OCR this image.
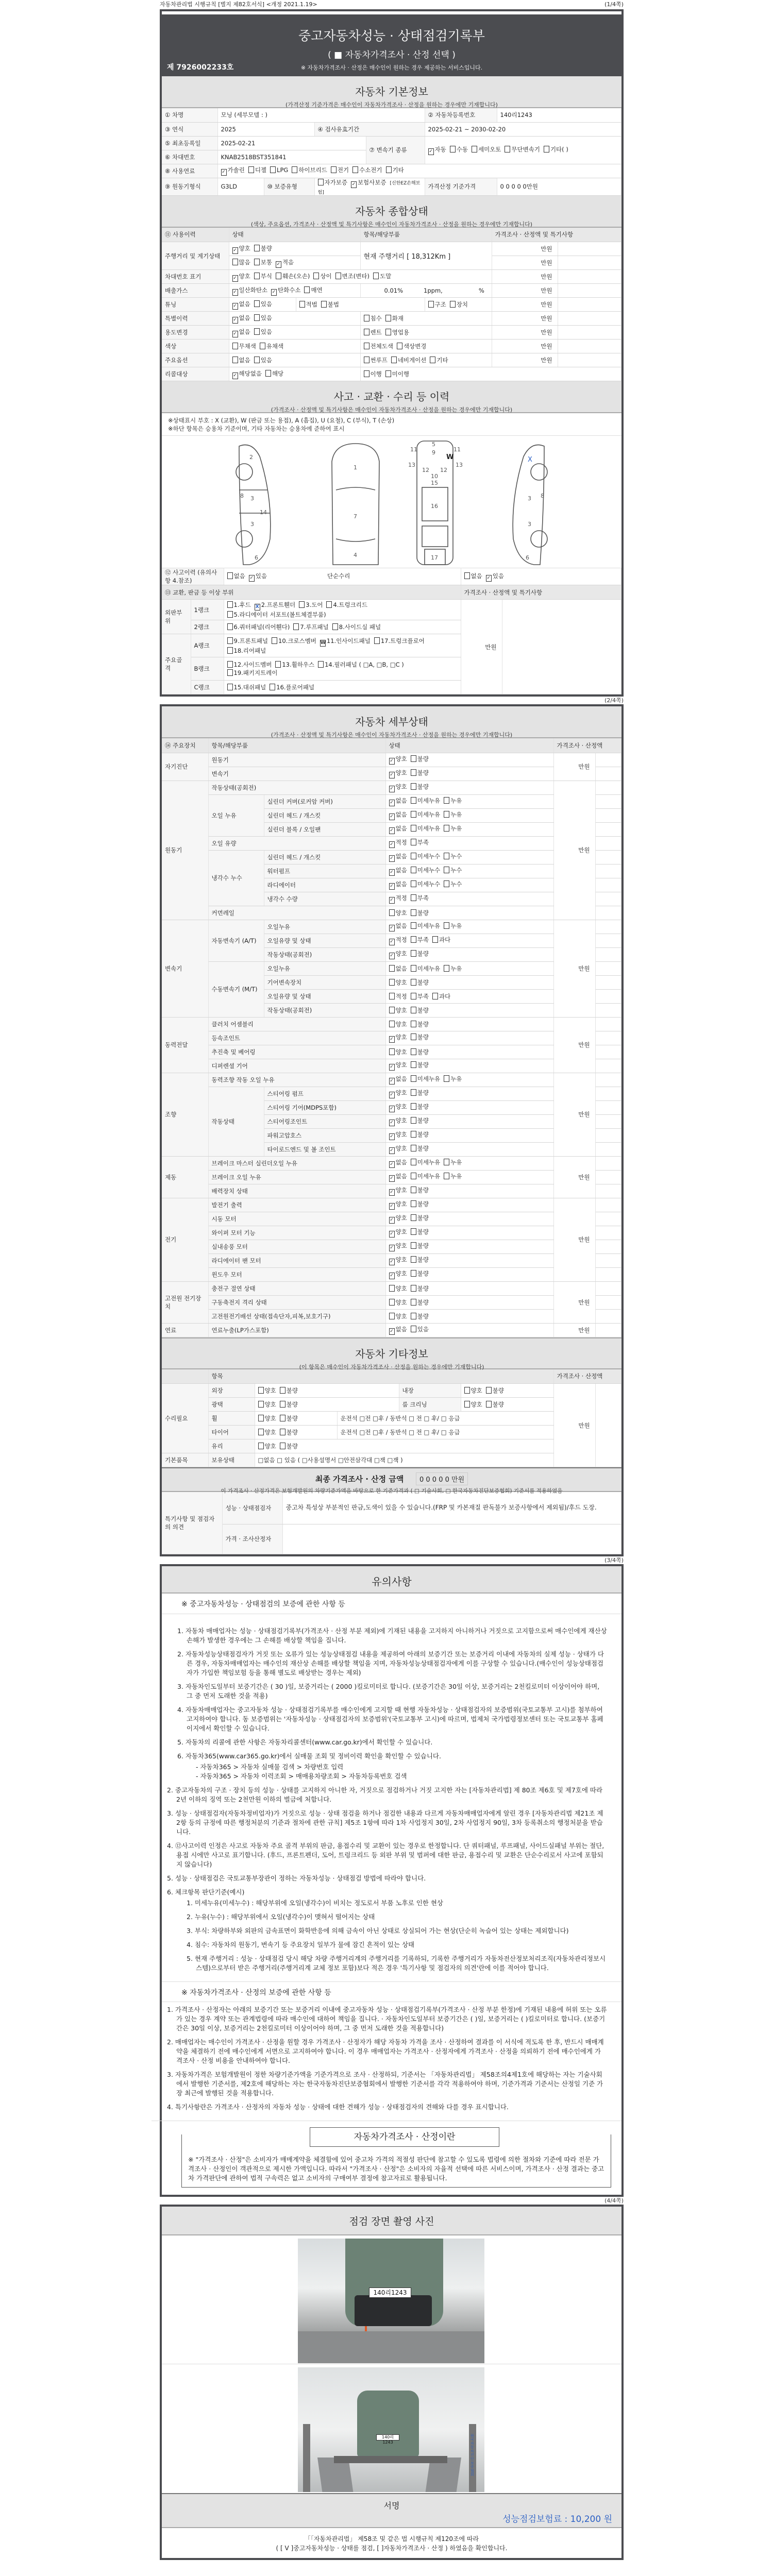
자동차관리법 시행규칙 [별지 제82호서식] <개정 2021.1.19>	(1/4쪽)
중고자동차성능 · 상태점검기록부
( ■ 자동차가격조사 · 산정 선택 )
※ 자동차가격조사 · 산정은 매수인이 원하는 경우 제공하는 서비스입니다.
제 7926002233호
자동차 기본정보

(가격산정 기준가격은 매수인이 자동차가격조사 · 산정을 원하는 경우에만 기재합니다)

① 차명	모닝 (세부모델 : )				② 자동차등록번호	140리1243
③ 연식	2025		④ 검사유효기간		2025-02-21 ~ 2030-02-20	
⑤ 최초등록일	2025-02-21			⑦ 변속기 종류	✓ 자동 수동 세미오토 무단변속기 기타( )	
⑥ 차대번호	KNAB2518BST351841					
⑧ 사용연료	✓ 가솔린 디젤 LPG 하이브리드 전기 수소전기 기타					
⑨ 원동기형식	G3LD	⑩ 보증유형	자가보증 ✓ 보험사보증 [신한EZ손해보험]		가격산정 기준가격	0 0 0 0 0만원
자동차 종합상태

(색상, 주요옵션, 가격조사 · 산정액 및 특기사항은 매수인이 자동차가격조사 · 산정을 원하는 경우에만 기재합니다)

⑪ 사용이력	상태		항목/해당부품		가격조사 · 산정액 및 특기사항	
주행거리 및 계기상태	✓ 양호 불량		현재 주행거리 [ 18,312Km ]		만원	
	많음 보통 ✓ 적음				만원	
차대번호 표기	✓ 양호 부식 훼손(오손) 상이 변조(변타) 도말				만원	
배출가스	✓ 일산화탄소 ✓ 탄화수소 매연		0.01% 1ppm, %		만원	
튜닝	✓ 없음 있음	적법 불법		구조 장치	만원	
특별이력	✓ 없음 있음		침수 화재		만원	
용도변경	✓ 없음 있음		렌트 영업용		만원	
색상	무채색 유채색		전체도색 색상변경		만원	
주요옵션	없음 있음		썬루프 네비게이션 기타		만원	
리콜대상	✓ 해당없음 해당		이행 미이행			
사고 · 교환 · 수리 등 이력

(가격조사 · 산정액 및 특기사항은 매수인이 자동차가격조사 · 산정을 원하는 경우에만 기재합니다)

※상태표시 부호 : X (교환), W (판금 또는 용접), A (흠집), U (요철), C (부식), T (손상)
※하단 항목은 승용차 기준이며, 기타 자동차는 승용차에 준하여 표시
2
3
3
6
14
8
1
7
4
5
9
11	11
15
16
17
10
13	13
12 12
3
3
6
8
X
W
⑫ 사고이력 (유의사항 4.참조)		없음 ✓ 있음 단순수리	없음 ✓ 있음	
⑬ 교환, 판금 등 이상 부위			가격조사 · 산정액 및 특기사항	
외판부위	1랭크	1.후드 X 2.프론트휀더 3.도어 4.트렁크리드5.라디에이터 서포트(볼트체결부품)	만원	
	2랭크	6.쿼터패널(리어휀다) 7.루프패널 8.사이드실 패널		
주요골격	A랭크	9.프론트패널 10.크로스멤버 W 11.인사이드패널 17.트렁크플로어18.리어패널		
	B랭크	12.사이드멤버 13.휠하우스 14.필러패널 ( □A, □B, □C )19.패키지트레이		
	C랭크	15.대쉬패널 16.플로어패널		
(2/4쪽)
자동차 세부상태

(가격조사 · 산정액 및 특기사항은 매수인이 자동차가격조사 · 산정을 원하는 경우에만 기재합니다)

⑭ 주요장치	항목/해당부품		상태	가격조사 · 산정액	
자기진단	원동기		✓ 양호 불량	만원	
	변속기		✓ 양호 불량		
원동기	작동상태(공회전)		✓ 양호 불량	만원	
	오일 누유	실린더 커버(로커암 커버)	✓ 없음 미세누유 누유		
		실린더 헤드 / 개스킷	✓ 없음 미세누유 누유		
		실린더 블록 / 오일팬	✓ 없음 미세누유 누유		
	오일 유량		✓ 적정 부족		
	냉각수 누수	실린더 헤드 / 개스킷	✓ 없음 미세누수 누수		
		워터펌프	✓ 없음 미세누수 누수		
		라디에이터	✓ 없음 미세누수 누수		
		냉각수 수량	✓ 적정 부족		
	커먼레일		양호 불량		
변속기	자동변속기 (A/T)	오일누유	✓ 없음 미세누유 누유	만원	
		오일유량 및 상태	✓ 적정 부족 과다		
		작동상태(공회전)	✓ 양호 불량		
	수동변속기 (M/T)	오일누유	없음 미세누유 누유		
		기어변속장치	양호 불량		
		오일유량 및 상태	적정 부족 과다		
		작동상태(공회전)	양호 불량		
동력전달	클러치 어셈블리		양호 불량	만원	
	등속조인트		✓ 양호 불량		
	추진축 및 베어링		양호 불량		
	디퍼렌셜 기어		✓ 양호 불량		
조향	동력조향 작동 오일 누유		✓ 없음 미세누유 누유	만원	
	작동상태	스티어링 펌프	✓ 양호 불량		
		스티어링 기어(MDPS포함)	✓ 양호 불량		
		스티어링조인트	✓ 양호 불량		
		파워고압호스	✓ 양호 불량		
		타이로드엔드 및 볼 조인트	✓ 양호 불량		
제동	브레이크 마스터 실린더오일 누유		✓ 없음 미세누유 누유	만원	
	브레이크 오일 누유		✓ 없음 미세누유 누유		
	배력장치 상태		✓ 양호 불량		
전기	발전기 출력		✓ 양호 불량	만원	
	시동 모터		✓ 양호 불량		
	와이퍼 모터 기능		✓ 양호 불량		
	실내송풍 모터		✓ 양호 불량		
	라디에이터 팬 모터		✓ 양호 불량		
	윈도우 모터		✓ 양호 불량		
고전원 전기장치	충전구 절연 상태		양호 불량	만원	
	구동축전지 격리 상태		양호 불량		
	고전원전기배선 상태(접속단자,피복,보호기구)		양호 불량		
연료	연료누출(LP가스포함)		✓ 없음 있음	만원	
자동차 기타정보

(이 항목은 매수인이 자동차가격조사 · 산정을 원하는 경우에만 기재합니다)

	항목					가격조사 · 산정액	
수리필요	외장	양호 불량		내장	양호 불량	만원	
	광택	양호 불량		룸 크리닝	양호 불량		
	휠	양호 불량	운전석 □전 □후 / 동반석 □ 전 □ 후/ □ 응급				
	타이어	양호 불량	운전석 □전 □후 / 동반석 □ 전 □ 후/ □ 응급				
	유리	양호 불량					
기본품목	보유상태	□없음 □ 있음 ( □사용설명서 □안전삼각대 □잭 □잭 )					
최종 가격조사 · 산정 금액 0 0 0 0 0 만원

이 가격조사 · 산정가격은 보험개발원의 차량기준가액을 바탕으로 한 기준가격과 ( □ 기술사회, □ 한국자동차진단보증협회) 기준서를 적용하였음

특기사항 및 점검자의 의견	성능 · 상태점검자	중고차 특성상 부분적인 판금,도색이 있을 수 있습니다.(FRP 및 카본재질 판독불가 보증사항에서 제외됨)/후드 도장.
	가격 · 조사산정자	
(3/4쪽)
유의사항
※ 중고자동차성능 · 상태점검의 보증에 관한 사항 등
1. 자동차 매매업자는 성능 · 상태점검기록부(가격조사 · 산정 부분 제외)에 기재된 내용을 고지하지 아니하거나 거짓으로 고지함으로써 매수인에게 재산상 손해가 발생한 경우에는 그 손해를 배상할 책임을 집니다.
2. 자동차성능상태점검자가 거짓 또는 오류가 있는 성능상태점검 내용을 제공하여 아래의 보증기간 또는 보증거리 이내에 자동차의 실제 성능 · 상태가 다른 경우, 자동차매매업자는 매수인의 재산상 손해를 배상할 책임을 지며, 자동차성능상태점검자에게 이를 구상할 수 있습니다.(매수인이 성능상태점검자가 가입한 책임보험 등을 통해 별도로 배상받는 경우는 제외)
3. 자동차인도일부터 보증기간은 ( 30 )일, 보증거리는 ( 2000 )킬로미터로 합니다. (보증기간은 30일 이상, 보증거리는 2천킬로미터 이상이어야 하며, 그 중 먼저 도래한 것을 적용)
4. 자동차매매업자는 중고자동차 성능 · 상태점검기록부를 매수인에게 고지할 때 현행 자동차성능 · 상태점검자의 보증범위(국토교통부 고시)를 첨부하여 고지하여야 합니다. 동 보증범위는 '자동차성능 · 상태점검자의 보증범위'(국토교통부 고시)에 따르며, 법제처 국가법령정보센터 또는 국토교통부 홈페이지에서 확인할 수 있습니다.
5. 자동차의 리콜에 관한 사항은 자동차리콜센터(www.car.go.kr)에서 확인할 수 있습니다.
6. 자동차365(www.car365.go.kr)에서 실매물 조회 및 정비이력 확인을 확인할 수 있습니다.
- 자동차365 > 자동차 실매물 검색 > 차량번호 입력
- 자동차365 > 자동차 이력조회 > 매매용차량조회 > 자동차등록번호 검색
2. 중고자동차의 구조 · 장치 등의 성능 · 상태를 고지하지 아니한 자, 거짓으로 점검하거나 거짓 고지한 자는 [자동차관리법] 제 80조 제6호 및 제7호에 따라 2년 이하의 징역 또는 2천만원 이하의 벌금에 처합니다.
3. 성능 · 상태점검자(자동차정비업자)가 거짓으로 성능 · 상태 점검을 하거나 점검한 내용과 다르게 자동차매매업자에게 알린 경우 [자동차관리법 제21조 제2항 등의 규정에 따른 행정처분의 기준과 절차에 관한 규칙] 제5조 1항에 따라 1차 사업정지 30일, 2차 사업정지 90일, 3차 등록취소의 행정처분을 받습니다.
4. ⑫사고이력 인정은 사고로 자동차 주요 골격 부위의 판금, 용접수리 및 교환이 있는 경우로 한정합니다. 단 쿼터패널, 루프패널, 사이드실패널 부위는 절단, 용접 시에만 사고로 표기합니다. (후드, 프론트펜더, 도어, 트렁크리드 등 외판 부위 및 범퍼에 대한 판금, 용접수리 및 교환은 단순수리로서 사고에 포함되지 않습니다)
5. 성능 · 상태점검은 국토교통부장관이 정하는 자동차성능 · 상태점검 방법에 따라야 합니다.
6. 체크항목 판단기준(예시)
1. 미세누유(미세누수) : 해당부위에 오일(냉각수)이 비치는 정도로서 부품 노후로 인한 현상
2. 누유(누수) : 해당부위에서 오일(냉각수)이 맺혀서 떨어지는 상태
3. 부식: 차량하부와 외판의 금속표면이 화학반응에 의해 금속이 아닌 상태로 상실되어 가는 현상(단순히 녹슬어 있는 상태는 제외합니다)
4. 침수: 자동차의 원동기, 변속기 등 주요장치 일부가 물에 잠긴 흔적이 있는 상태
5. 현재 주행거리 : 성능 · 상태점검 당시 해당 차량 주행거리계의 주행거리를 기록하되, 기록한 주행거리가 자동차전산정보처리조직(자동차관리정보시스템)으로부터 받은 주행거리(주행거리계 교체 정보 포함)보다 적은 경우 '특기사항 및 점검자의 의견'란에 이를 적어야 합니다.
※ 자동차가격조사 · 산정의 보증에 관한 사항 등
1. 가격조사 · 산정자는 아래의 보증기간 또는 보증거리 이내에 중고자동차 성능 · 상태점검기록부(가격조사 · 산정 부분 한정)에 기재된 내용에 허위 또는 오류가 있는 경우 계약 또는 관계법령에 따라 매수인에 대하여 책임을 집니다. · 자동차인도일부터 보증기간은 ( )일, 보증거리는 ( )킬로미터로 합니다. (보증기간은 30일 이상, 보증거리는 2천킬로미터 이상이어야 하며, 그 중 먼저 도래한 것을 적용합니다)
2. 매매업자는 매수인이 가격조사 · 산정을 원할 경우 가격조사 · 산정자가 해당 자동차 가격을 조사 · 산정하여 결과를 이 서식에 적도록 한 후, 반드시 매매계약을 체결하기 전에 매수인에게 서면으로 고지하여야 합니다. 이 경우 매매업자는 가격조사 · 산정자에게 가격조사 · 산정을 의뢰하기 전에 매수인에게 가격조사 · 산정 비용을 안내하여야 합니다.
3. 자동차가격은 보험개발원이 정한 차량기준가액을 기준가격으로 조사 · 산정하되, 기준서는 「자동차관리법」 제58조의4제1호에 해당하는 자는 기술사회에서 발행한 기준서를, 제2호에 해당하는 자는 한국자동차진단보증협회에서 발행한 기준서를 각각 적용하여야 하며, 기준가격과 기준서는 산정일 기준 가장 최근에 발행된 것을 적용합니다.
4. 특기사항란은 가격조사 · 산정자의 자동차 성능 · 상태에 대한 견해가 성능 · 상태점검자의 견해와 다를 경우 표시합니다.
자동차가격조사 · 산정이란
※ "가격조사 · 산정"은 소비자가 매매계약을 체결함에 있어 중고차 가격의 적절성 판단에 참고할 수 있도록 법령에 의한 절차와 기준에 따라 전문 가격조사 · 산정인이 객관적으로 제시한 가액입니다. 따라서 "가격조사 · 산정"은 소비자의 자율적 선택에 따른 서비스이며, 가격조사 · 산정 결과는 중고차 가격판단에 관하여 법적 구속력은 없고 소비자의 구매여부 결정에 참고자료로 활용됩니다.
(4/4쪽)
점검 장면 촬영 사진
140리1243
140리1243
하국자동차진단보증협회
서명
성능점검보험료 : 10,200 원
「「자동차관리법」 제58조 및 같은 법 시행규칙 제120조에 따라
( [ V ]중고자동차성능 · 상태를 점검, [ ]자동차가격조사 · 산정 ) 하였음을 확인합니다.
